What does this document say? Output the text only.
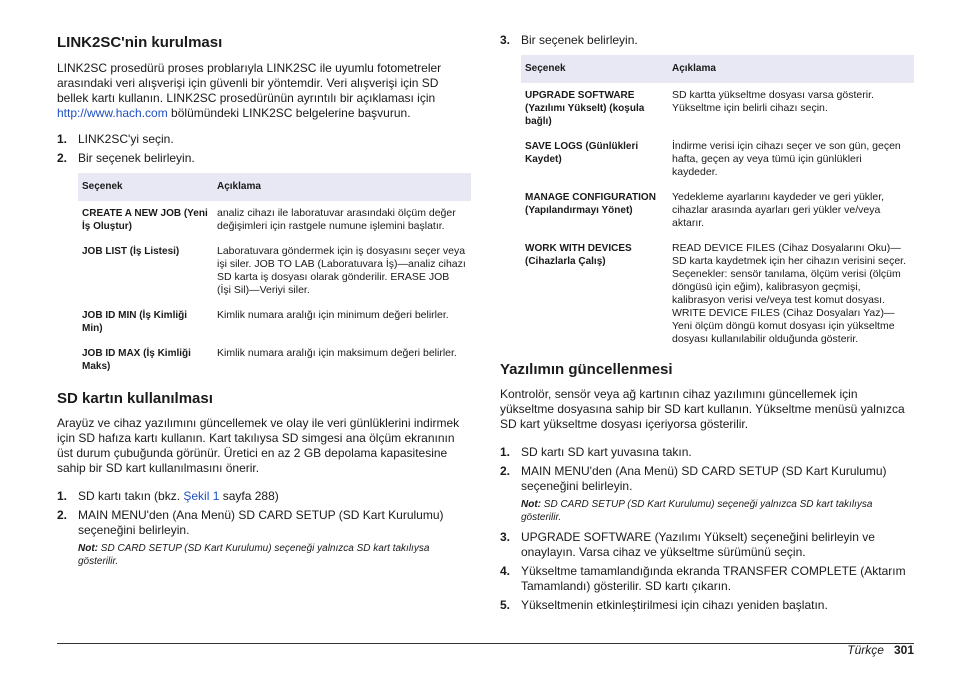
LINK2SC'nin kurulması

LINK2SC prosedürü proses problarıyla LINK2SC ile uyumlu fotometreler arasındaki veri alışverişi için güvenli bir yöntemdir. Veri alışverişi için SD bellek kartı kullanın. LINK2SC prosedürünün ayrıntılı bir açıklaması için http://www.hach.com bölümündeki LINK2SC belgelerine başvurun.

1. LINK2SC'yi seçin.
2. Bir seçenek belirleyin.
Seçenek	Açıklama
CREATE A NEW JOB (Yeni İş Oluştur)	analiz cihazı ile laboratuvar arasındaki ölçüm değer değişimleri için rastgele numune işlemini başlatır.
JOB LIST (İş Listesi)	Laboratuvara göndermek için iş dosyasını seçer veya işi siler. JOB TO LAB (Laboratuvara İş)—analiz cihazı SD karta iş dosyası olarak gönderilir. ERASE JOB (İşi Sil)—Veriyi siler.
JOB ID MIN (İş Kimliği Min)	Kimlik numara aralığı için minimum değeri belirler.
JOB ID MAX (İş Kimliği Maks)	Kimlik numara aralığı için maksimum değeri belirler.
SD kartın kullanılması

Arayüz ve cihaz yazılımını güncellemek ve olay ile veri günlüklerini indirmek için SD hafıza kartı kullanın. Kart takılıysa SD simgesi ana ölçüm ekranının üst durum çubuğunda görünür. Üretici en az 2 GB depolama kapasitesine sahip bir SD kart kullanılmasını önerir.

1. SD kartı takın (bkz. Şekil 1 sayfa 288)
2. MAIN MENU'den (Ana Menü) SD CARD SETUP (SD Kart Kurulumu) seçeneğini belirleyin.

Not: SD CARD SETUP (SD Kart Kurulumu) seçeneği yalnızca SD kart takılıysa gösterilir.

3. Bir seçenek belirleyin.
Seçenek	Açıklama
UPGRADE SOFTWARE (Yazılımı Yükselt) (koşula bağlı)	SD kartta yükseltme dosyası varsa gösterir. Yükseltme için belirli cihazı seçin.
SAVE LOGS (Günlükleri Kaydet)	İndirme verisi için cihazı seçer ve son gün, geçen hafta, geçen ay veya tümü için günlükleri kaydeder.
MANAGE CONFIGURATION (Yapılandırmayı Yönet)	Yedekleme ayarlarını kaydeder ve geri yükler, cihazlar arasında ayarları geri yükler ve/veya aktarır.
WORK WITH DEVICES (Cihazlarla Çalış)	READ DEVICE FILES (Cihaz Dosyalarını Oku)—SD karta kaydetmek için her cihazın verisini seçer. Seçenekler: sensör tanılama, ölçüm verisi (ölçüm döngüsü için eğim), kalibrasyon geçmişi, kalibrasyon verisi ve/veya test komut dosyası. WRITE DEVICE FILES (Cihaz Dosyaları Yaz)—Yeni ölçüm döngü komut dosyası için yükseltme dosyası kullanılabilir olduğunda gösterir.
Yazılımın güncellenmesi

Kontrolör, sensör veya ağ kartının cihaz yazılımını güncellemek için yükseltme dosyasına sahip bir SD kart kullanın. Yükseltme menüsü yalnızca SD kart yükseltme dosyası içeriyorsa gösterilir.

1. SD kartı SD kart yuvasına takın.
2. MAIN MENU'den (Ana Menü) SD CARD SETUP (SD Kart Kurulumu) seçeneğini belirleyin.

Not: SD CARD SETUP (SD Kart Kurulumu) seçeneği yalnızca SD kart takılıysa gösterilir.

3. UPGRADE SOFTWARE (Yazılımı Yükselt) seçeneğini belirleyin ve onaylayın. Varsa cihaz ve yükseltme sürümünü seçin.
4. Yükseltme tamamlandığında ekranda TRANSFER COMPLETE (Aktarım Tamamlandı) gösterilir. SD kartı çıkarın.
5. Yükseltmenin etkinleştirilmesi için cihazı yeniden başlatın.
Türkçe 301
